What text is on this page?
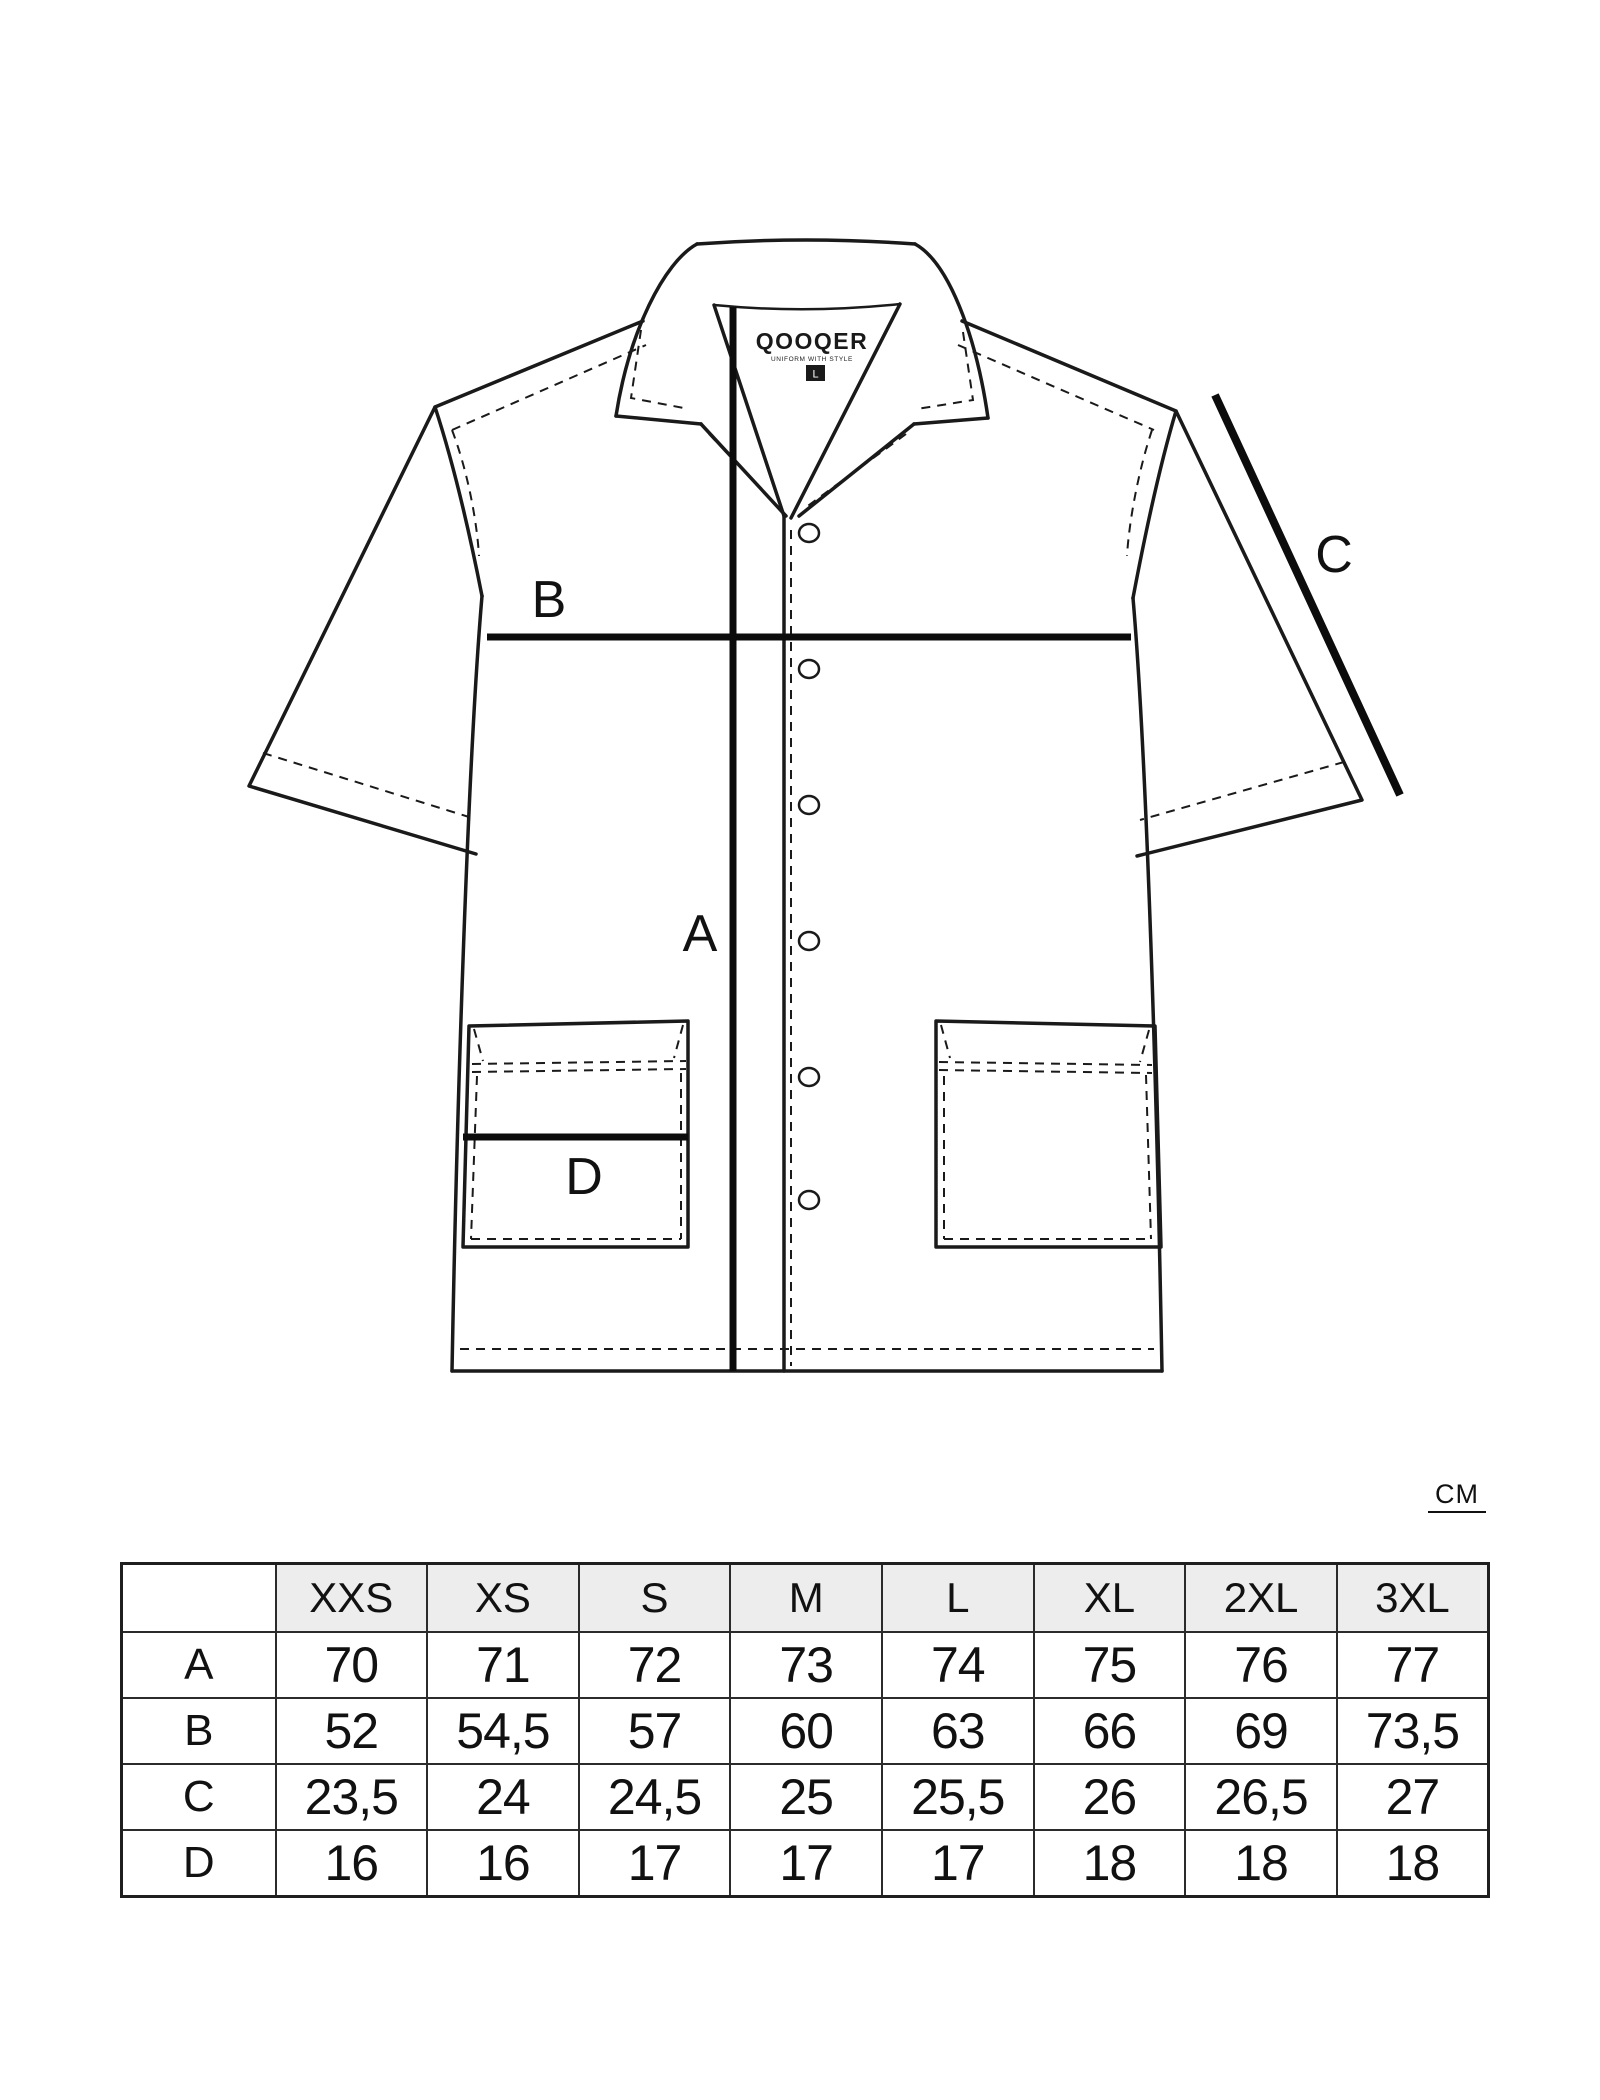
A
B
C
D
QOOQER
UNIFORM WITH STYLE
L
CM
	XXS	XS	S	M	L	XL	2XL	3XL
A	70	71	72	73	74	75	76	77
B	52	54,5	57	60	63	66	69	73,5
C	23,5	24	24,5	25	25,5	26	26,5	27
D	16	16	17	17	17	18	18	18
